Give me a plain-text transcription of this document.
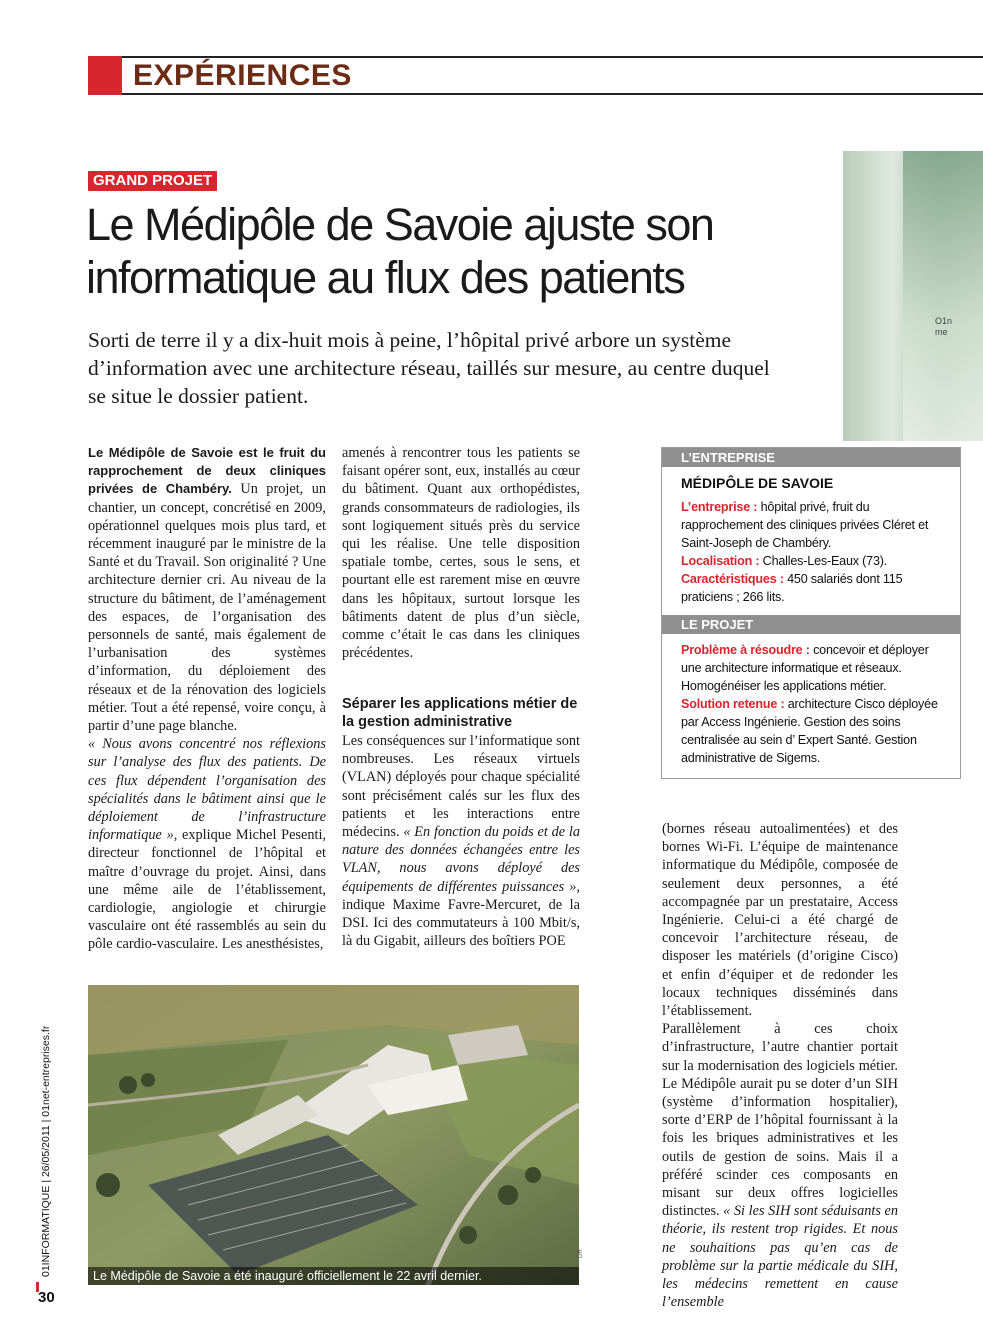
EXPÉRIENCES
GRAND PROJET
Le Médipôle de Savoie ajuste son
informatique au flux des patients
Sorti de terre il y a dix-huit mois à peine, l’hôpital privé arbore un système d’information avec une architecture réseau, taillés sur mesure, au centre duquel se situe le dossier patient.
O1n
me
Le Médipôle de Savoie est le fruit du rapprochement de deux cliniques privées de Chambéry. Un projet, un chantier, un concept, concrétisé en 2009, opérationnel quelques mois plus tard, et récemment inauguré par le ministre de la Santé et du Travail. Son originalité ? Une architecture dernier cri. Au niveau de la structure du bâtiment, de l’aménagement des espaces, de l’organisation des personnels de santé, mais également de l’urbanisation des systèmes d’information, du déploiement des réseaux et de la rénovation des logiciels métier. Tout a été repensé, voire conçu, à partir d’une page blanche.
« Nous avons concentré nos réflexions sur l’analyse des flux des patients. De ces flux dépendent l’organisation des spécialités dans le bâtiment ainsi que le déploiement de l’infrastructure informatique », explique Michel Pesenti, directeur fonctionnel de l’hôpital et maître d’ouvrage du projet. Ainsi, dans une même aile de l’établissement, cardiologie, angiologie et chirurgie vasculaire ont été rassemblés au sein du pôle cardio-vasculaire. Les anesthésistes,
amenés à rencontrer tous les patients se faisant opérer sont, eux, installés au cœur du bâtiment. Quant aux orthopédistes, grands consommateurs de radiologies, ils sont logiquement situés près du service qui les réalise. Une telle disposition spatiale tombe, certes, sous le sens, et pourtant elle est rarement mise en œuvre dans les hôpitaux, surtout lorsque les bâtiments datent de plus d’un siècle, comme c’était le cas dans les cliniques précédentes.
Séparer les applications métier de la gestion administrative
Les conséquences sur l’informatique sont nombreuses. Les réseaux virtuels (VLAN) déployés pour chaque spécialité sont précisément calés sur les flux des patients et les interactions entre médecins. « En fonction du poids et de la nature des données échangées entre les VLAN, nous avons déployé des équipements de différentes puissances », indique Maxime Favre-Mercuret, de la DSI. Ici des commutateurs à 100 Mbit/s, là du Gigabit, ailleurs des boîtiers POE
L’ENTREPRISE
MÉDIPÔLE DE SAVOIE
L’entreprise : hôpital privé, fruit du rapprochement des cliniques privées Cléret et Saint-Joseph de Chambéry.
Localisation : Challes-Les-Eaux (73).
Caractéristiques : 450 salariés dont 115 praticiens ; 266 lits.
LE PROJET
Problème à résoudre : concevoir et déployer une architecture informatique et réseaux. Homogénéiser les applications métier.
Solution retenue : architecture Cisco déployée par Access Ingénierie. Gestion des soins centralisée au sein d’ Expert Santé. Gestion administrative de Sigems.
(bornes réseau autoalimentées) et des bornes Wi-Fi. L’équipe de maintenance informatique du Médipôle, composée de seulement deux personnes, a été accompagnée par un prestataire, Access Ingénierie. Celui-ci a été chargé de concevoir l’architecture réseau, de disposer les matériels (d’origine Cisco) et enfin d’équiper et de redonder les locaux techniques disséminés dans l’établissement.
Parallèlement à ces choix d’infrastructure, l’autre chantier portait sur la modernisation des logiciels métier. Le Médipôle aurait pu se doter d’un SIH (système d’information hospitalier), sorte d’ERP de l’hôpital fournissant à la fois les briques administratives et les outils de gestion de soins. Mais il a préféré scinder ces composants en misant sur deux offres logicielles distinctes. « Si les SIH sont séduisants en théorie, ils restent trop rigides. Et nous ne souhaitions pas qu’en cas de problème sur la partie médicale du SIH, les médecins remettent en cause l’ensemble
Le Médipôle de Savoie a été inauguré officiellement le 22 avril dernier.
DR
30
01INFORMATIQUE | 26/05/2011 | 01net-entreprises.fr
